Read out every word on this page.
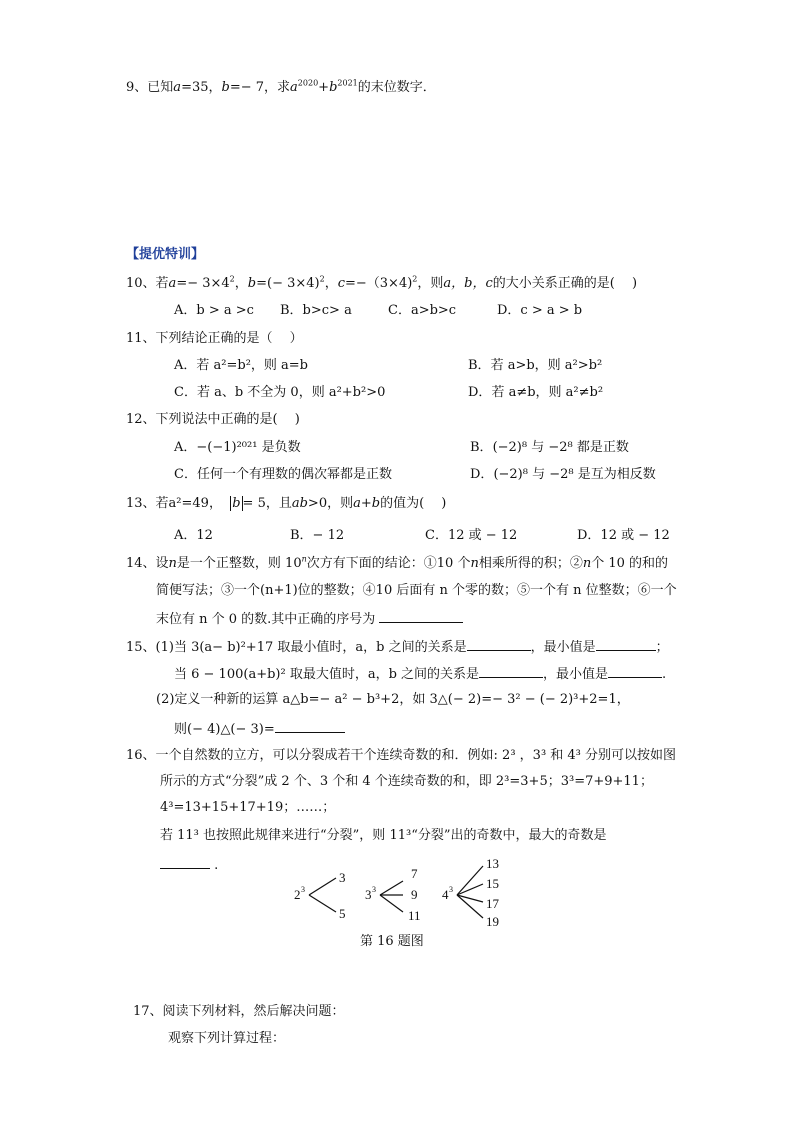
9、已知a=35，b=− 7，求$a^{2020}+b^{2021}$的末位数字．
【提优特训】
10、若$a=- 3\times 4^2$，$b=(- 3\times 4)^2$，c=−（3×4)$^2$，则a，b，c的大小关系正确的是(　 )
A．b > a >c B．b>c> a	C．a>b>c	D．c > a > b
11、下列结论正确的是（ 　）
A．若 a²=b²，则 a=b	B．若 a>b，则 a²>b²
C．若 a、b 不全为 0，则 a²+b²>0	D．若 a≠b，则 a²≠b²
12、下列说法中正确的是(　 )
A．−(−1)²⁰²¹ 是负数	B．(−2)⁸ 与 −2⁸ 都是正数
C．任何一个有理数的偶次幂都是正数	D．(−2)⁸ 与 −2⁸ 是互为相反数
13、若a²=49， b = 5，且ab>0，则a+b的值为(　 )
A．12	B．− 12	C．12 或 − 12	D．12 或 − 12
14、设n是一个正整数，则 10$^n$次方有下面的结论：①10 个n相乘所得的积；②n个 10 的和的
简便写法；③一个(n+1)位的整数；④10 后面有 n 个零的数；⑤一个有 n 位整数；⑥一个
末位有 n 个 0 的数.其中正确的序号为
15、(1)当 3(a− b)²+17 取最小值时，a，b 之间的关系是	，最小值是	；
当 6 − 100(a+b)² 取最大值时，a，b 之间的关系是	，最小值是	.
(2)定义一种新的运算 a△b=− a² − b³+2，如 3△(− 2)=− 3² − (− 2)³+2=1，
则(− 4)△(− 3)=
16、一个自然数的立方，可以分裂成若干个连续奇数的和．例如: 2³ ，3³ 和 4³ 分别可以按如图
所示的方式“分裂”成 2 个、3 个和 4 个连续奇数的和，即 2³=3+5；3³=7+9+11；
4³=13+15+17+19；……；
若 11³ 也按照此规律来进行“分裂”，则 11³“分裂”出的奇数中，最大的奇数是
.
2 3
3
5
3 3
7
9
11
4 3
13
15
17
19
第 16 题图
17、阅读下列材料，然后解决问题：
观察下列计算过程：
